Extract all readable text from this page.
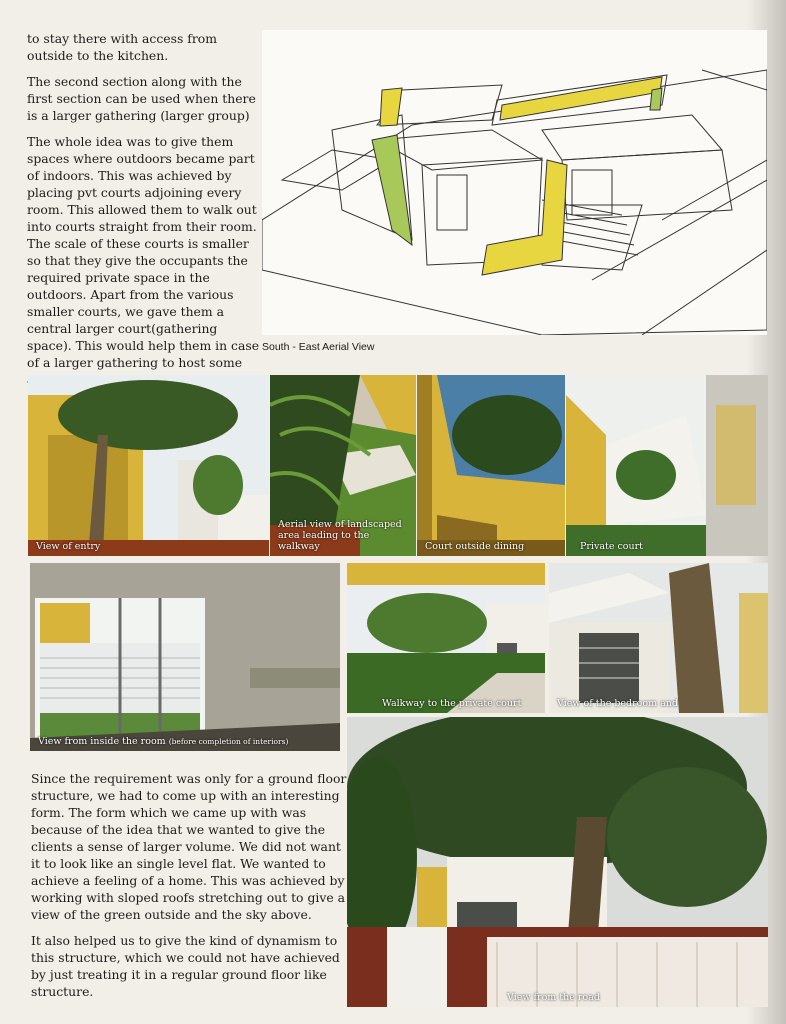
to stay there with access from outside to the kitchen.

The second section along with the first section can be used when there is a larger gathering (larger group)

The whole idea was to give them spaces where outdoors became part of indoors. This was achieved by placing pvt courts adjoining every room. This allowed them to walk out into courts straight from their room. The scale of these courts is smaller so that they give the occupants the required private space in the outdoors. Apart from the various smaller courts, we gave them a central larger court(gathering space). This would help them in case of a larger gathering to host some

South - East Aerial View
View of entry
Aerial view of landscaped area leading to the walkway	Court outside dining	Private court
View from inside the room (before completion of interiors)
Walkway to the private court	View of the bedroom and
View from the road

Since the requirement was only for a ground floor structure, we had to come up with an interesting form. The form which we came up with was because of the idea that we wanted to give the clients a sense of larger volume. We did not want it to look like an single level flat. We wanted to achieve a feeling of a home. This was achieved by working with sloped roofs stretching out to give a view of the green outside and the sky above.

It also helped us to give the kind of dynamism to this structure, which we could not have achieved by just treating it in a regular ground floor like structure.
